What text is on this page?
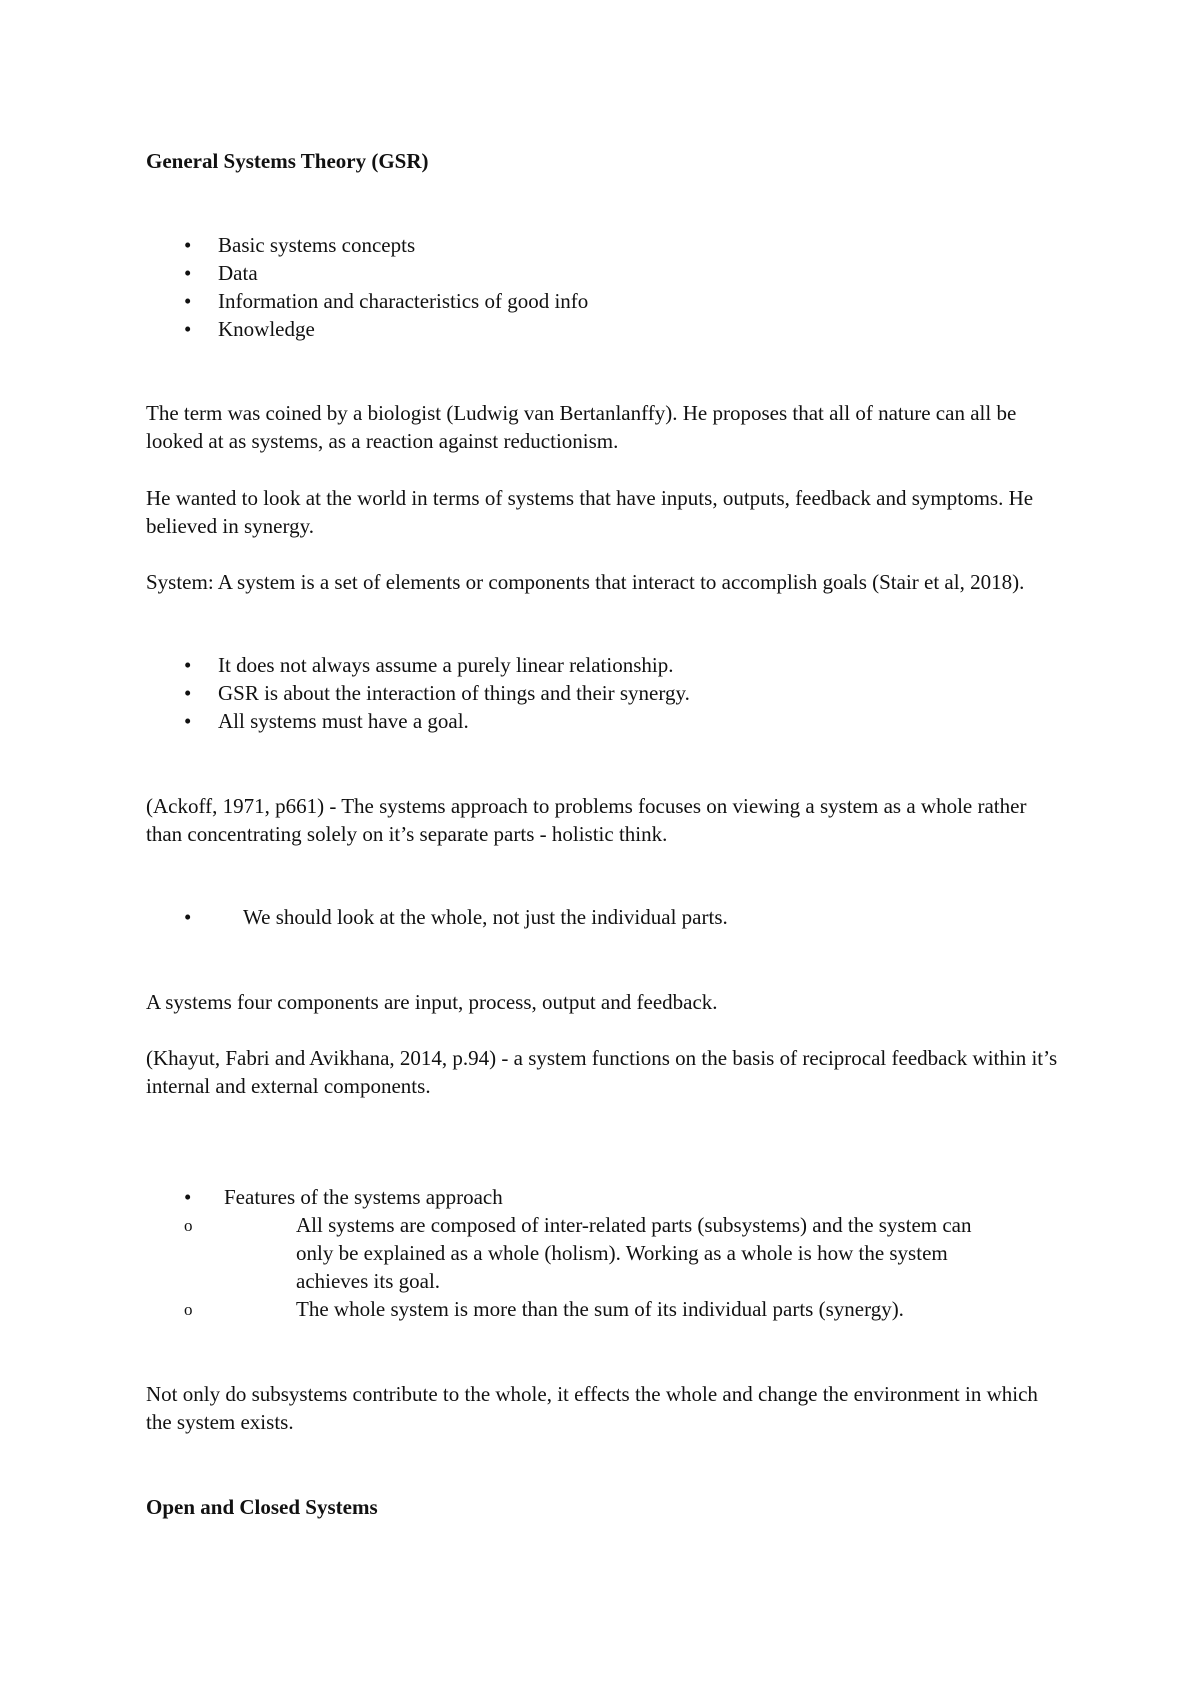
General Systems Theory (GSR)

• Basic systems concepts
• Data
• Information and characteristics of good info
• Knowledge

The term was coined by a biologist (Ludwig van Bertanlanffy). He proposes that all of nature can all be looked at as systems, as a reaction against reductionism.

He wanted to look at the world in terms of systems that have inputs, outputs, feedback and symptoms. He believed in synergy.

System: A system is a set of elements or components that interact to accomplish goals (Stair et al, 2018).

• It does not always assume a purely linear relationship.
• GSR is about the interaction of things and their synergy.
• All systems must have a goal.

(Ackoff, 1971, p661) - The systems approach to problems focuses on viewing a system as a whole rather than concentrating solely on it’s separate parts - holistic think.

• We should look at the whole, not just the individual parts.

A systems four components are input, process, output and feedback.

(Khayut, Fabri and Avikhana, 2014, p.94) - a system functions on the basis of reciprocal feedback within it’s internal and external components.

• Features of the systems approach
o	All systems are composed of inter-related parts (subsystems) and the system can only be explained as a whole (holism). Working as a whole is how the system achieves its goal.
o	The whole system is more than the sum of its individual parts (synergy).

Not only do subsystems contribute to the whole, it effects the whole and change the environment in which the system exists.

Open and Closed Systems
